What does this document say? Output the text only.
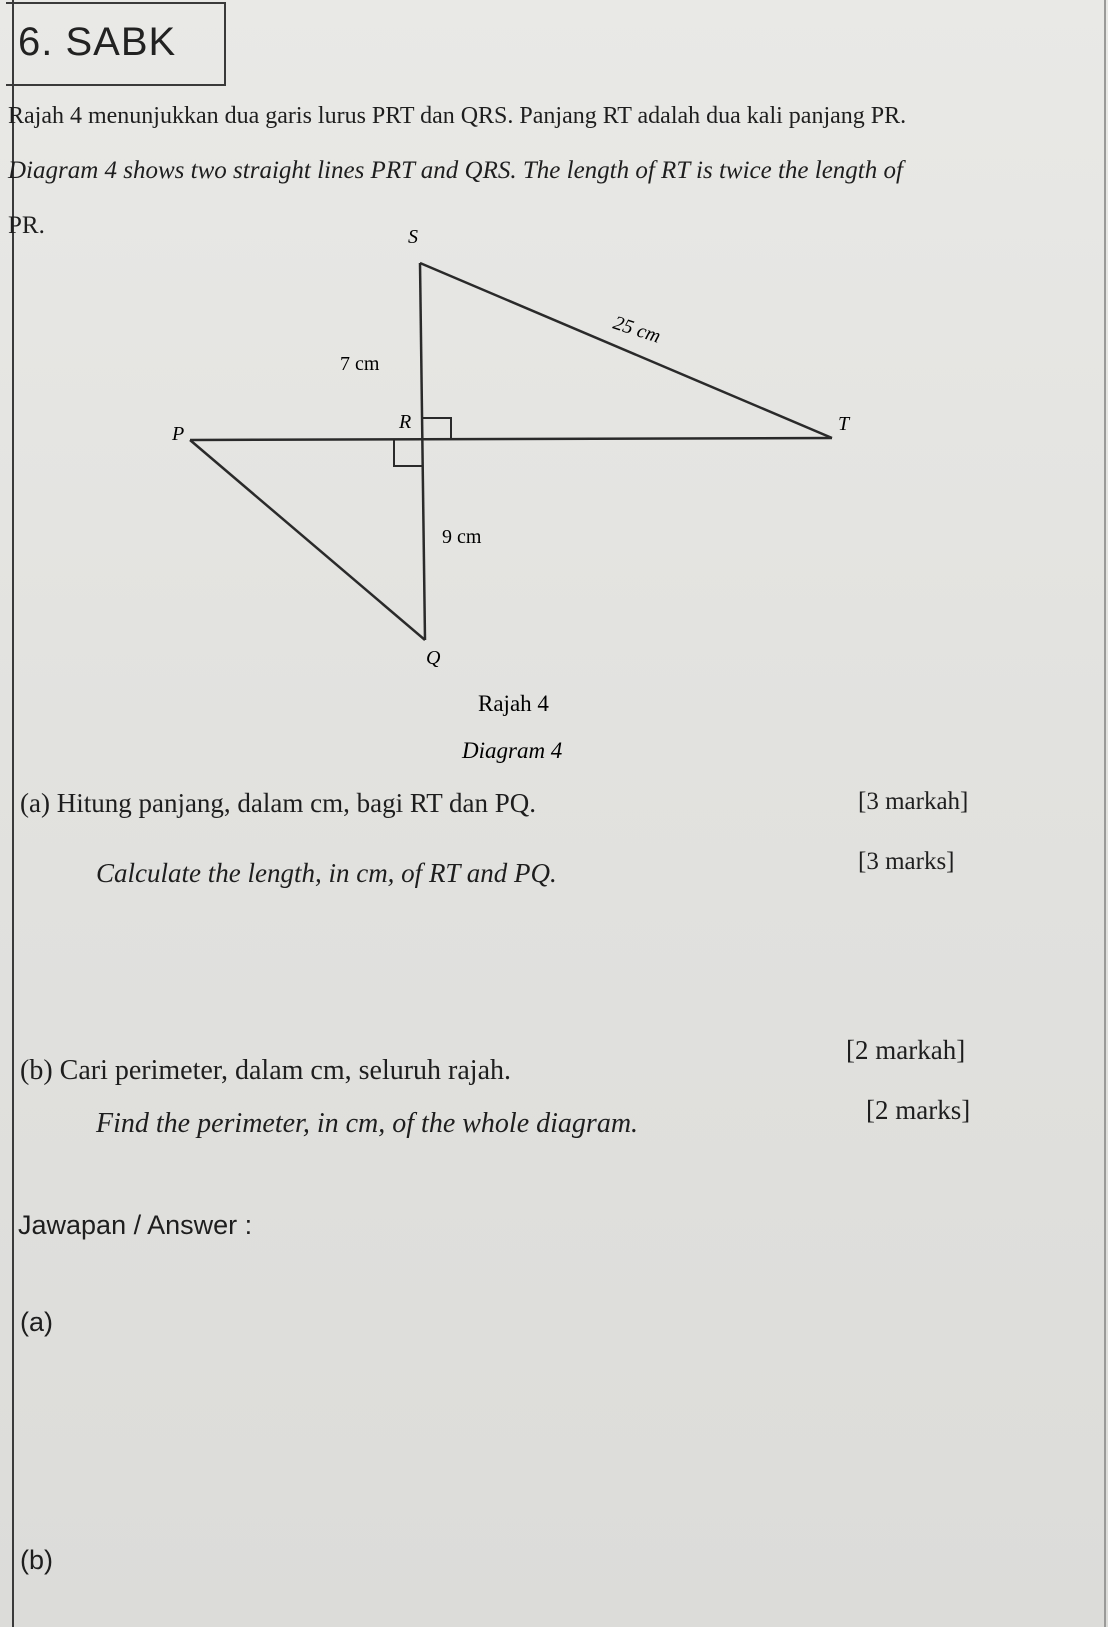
6. SABK
Rajah 4 menunjukkan dua garis lurus PRT dan QRS. Panjang RT adalah dua kali panjang PR.
Diagram 4 shows two straight lines PRT and QRS. The length of RT is twice the length of
PR.	S
T
P
R
Q
7 cm
25 cm
9 cm
Rajah 4
Diagram 4
(a) Hitung panjang, dalam cm, bagi RT dan PQ.	[3 markah]
Calculate the length, in cm, of RT and PQ.	[3 marks]
(b) Cari perimeter, dalam cm, seluruh rajah.
[2 markah]
Find the perimeter, in cm, of the whole diagram.	[2 marks]
Jawapan / Answer :
(a)
(b)
